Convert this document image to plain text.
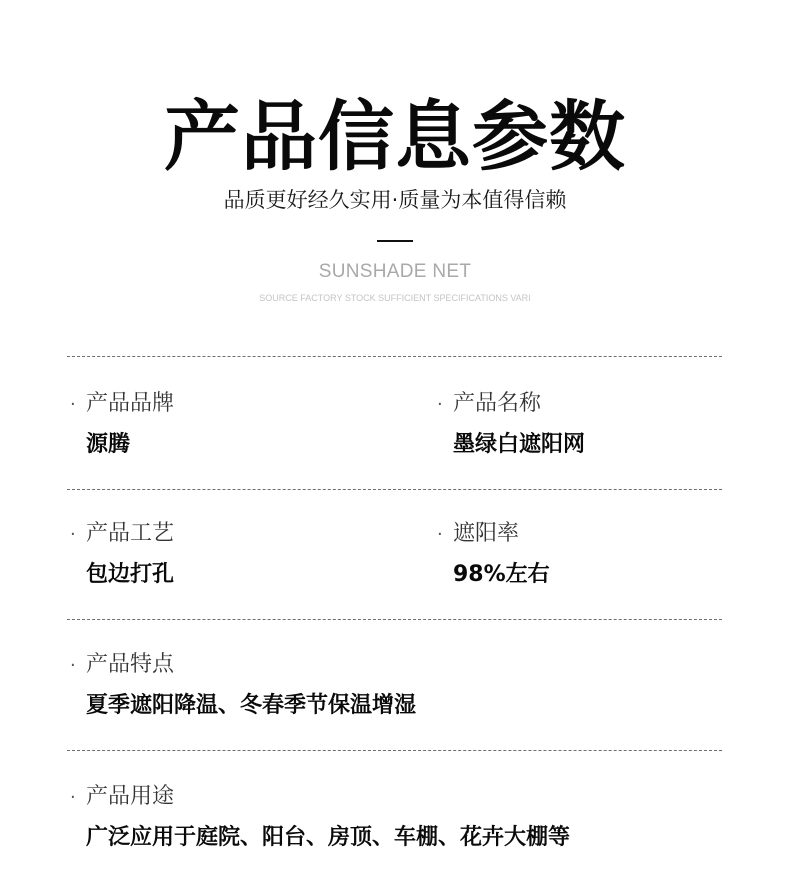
产品信息参数
品质更好经久实用·质量为本值得信赖
SUNSHADE NET
SOURCE FACTORY STOCK SUFFICIENT SPECIFICATIONS VARI
· 产品品牌
源腾
· 产品名称
墨绿白遮阳网
· 产品工艺
包边打孔
· 遮阳率
98%左右
· 产品特点
夏季遮阳降温、冬春季节保温增湿
· 产品用途
广泛应用于庭院、阳台、房顶、车棚、花卉大棚等
